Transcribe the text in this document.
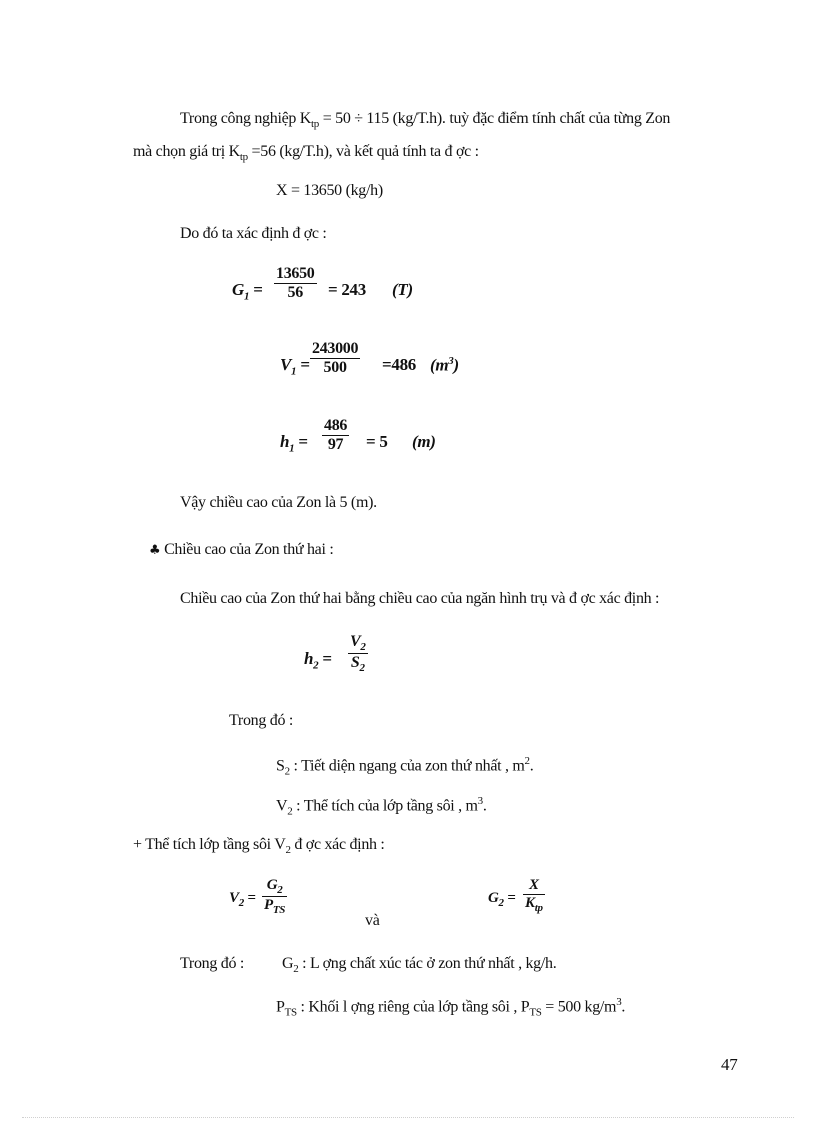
Trong công nghiệp $K_{tp} = 50 \div 115$ (kg/T.h). tuỳ đặc điểm tính chất của từng Zon
mà chọn giá trị $K_{tp} =56$ (kg/T.h), và kết quả tính ta đ ợc :
X = 13650 (kg/h)
Do đó ta xác định đ ợc :
$G_1$ =
13650
56 = 243 (T)
$V_1$ =
243000
500 =486 $(m^3)$
$h_1$ =
486
97 = 5 (m)
Vậy chiều cao của Zon là 5 (m).
♣ Chiều cao của Zon thứ hai :
Chiều cao của Zon thứ hai bằng chiều cao của ngăn hình trụ và đ ợc xác định :
$h_2$ =
$V_2$
$S_2$
Trong đó :
$S_2$ : Tiết diện ngang của zon thứ nhất , $m^2$.
$V_2$ : Thể tích của lớp tầng sôi , $m^3$.
+ Thể tích lớp tầng sôi $V_2$ đ ợc xác định :
$V_2$ =
$G_2$
$P_{TS}$
và
$G_2$ =
X
$K_{tp}$
Trong đó : $G_2$ : L ợng chất xúc tác ở zon thứ nhất , kg/h.
$P_{TS}$ : Khối l ợng riêng của lớp tầng sôi , $P_{TS} = 500$ $kg/m^3$.
47
